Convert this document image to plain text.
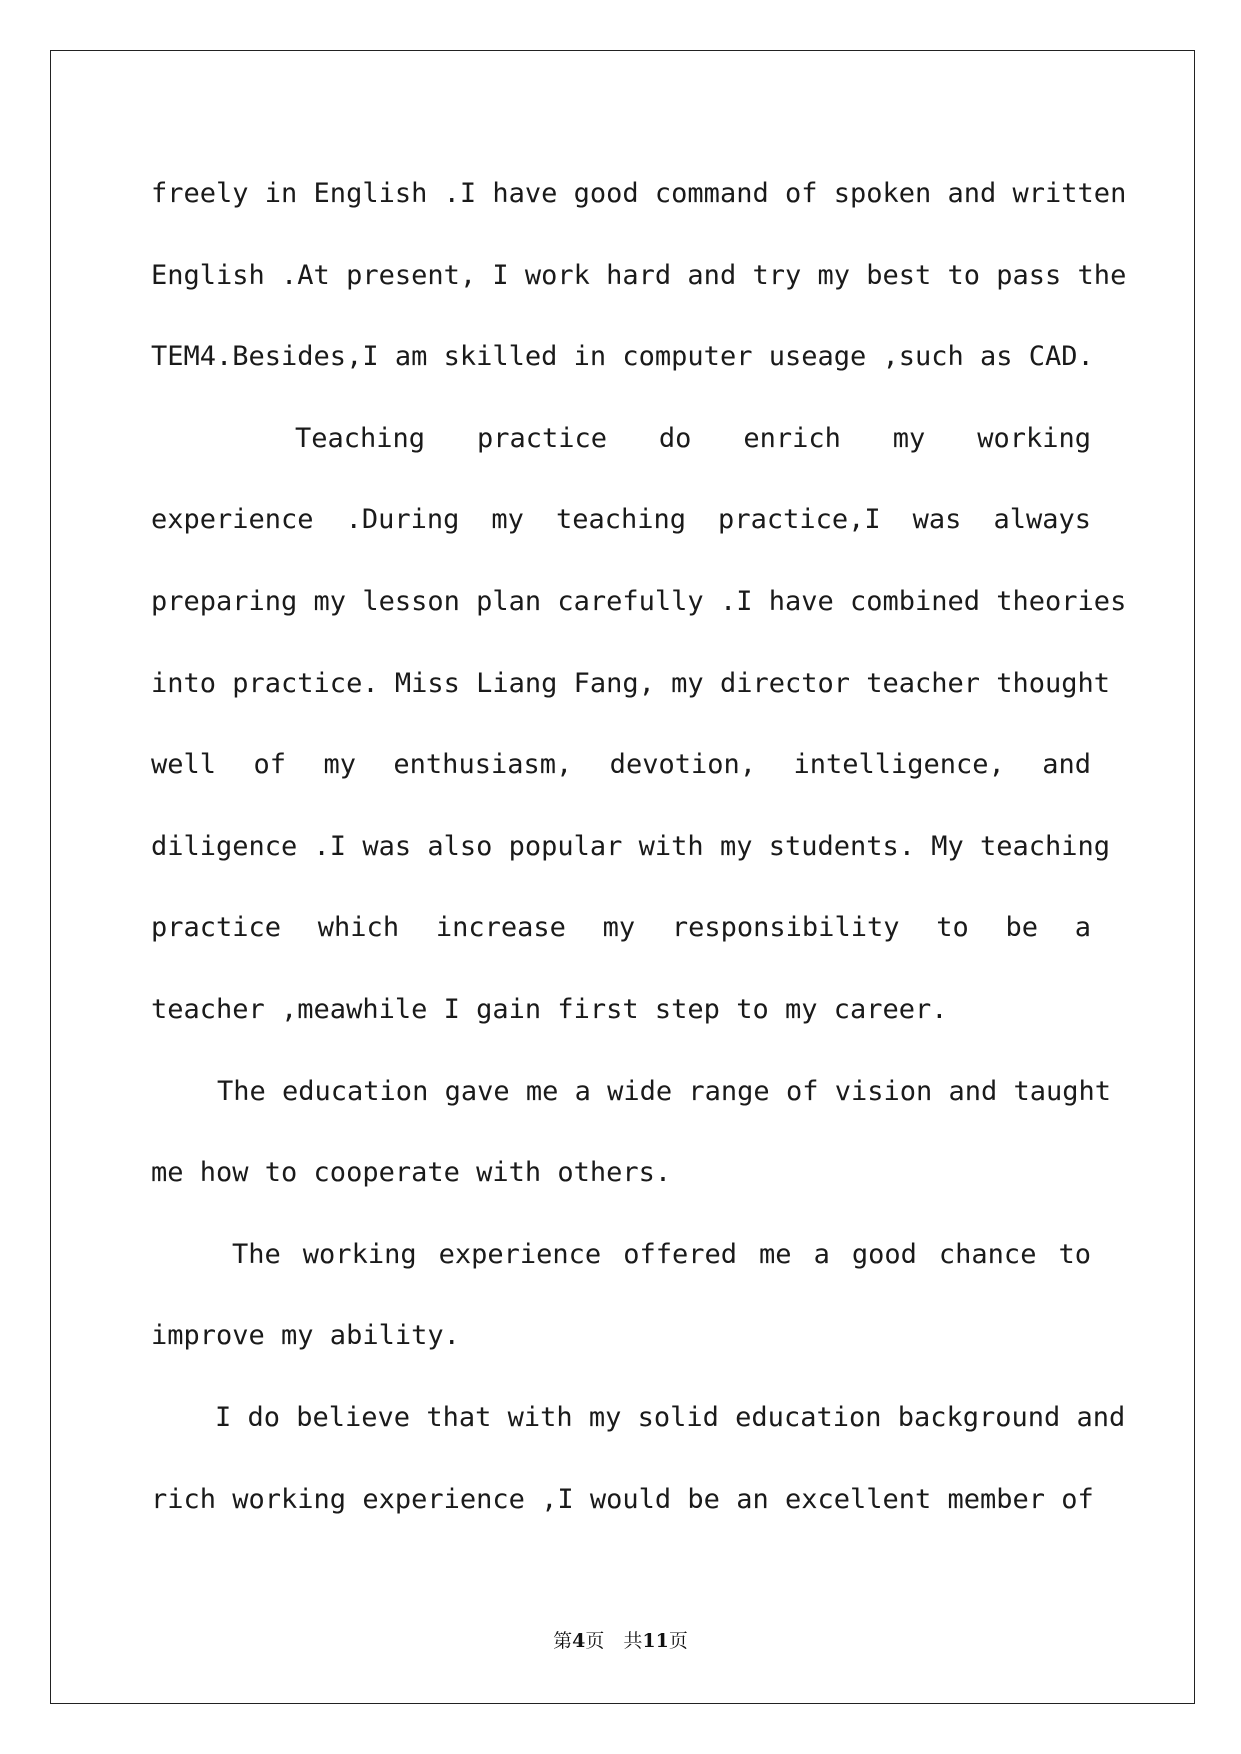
freely in English .I have good command of spoken and written
English .At present, I work hard and try my best to pass the
TEM4.Besides,I am skilled in computer useage ,such as CAD.
Teaching practice do enrich my working
experience .During my teaching practice,I was always
preparing my lesson plan carefully .I have combined theories
into practice. Miss Liang Fang, my director teacher thought
well of my enthusiasm, devotion, intelligence, and
diligence .I was also popular with my students. My teaching
practice which increase my responsibility to be a
teacher ,meawhile I gain first step to my career.
The education gave me a wide range of vision and taught
me how to cooperate with others.
The working experience offered me a good chance to
improve my ability.
I do believe that with my solid education background and
rich working experience ,I would be an excellent member of
第4页　共11页
